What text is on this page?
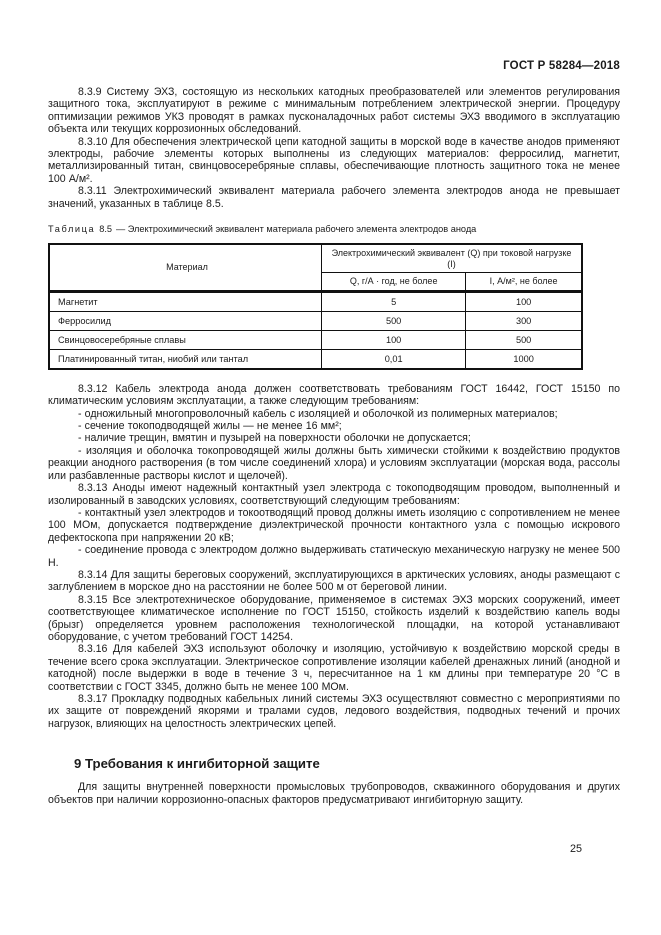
ГОСТ Р 58284—2018

8.3.9 Систему ЭХЗ, состоящую из нескольких катодных преобразователей или элементов регулирования защитного тока, эксплуатируют в режиме с минимальным потреблением электрической энергии. Процедуру оптимизации режимов УКЗ проводят в рамках пусконаладочных работ системы ЭХЗ вводимого в эксплуатацию объекта или текущих коррозионных обследований.

8.3.10 Для обеспечения электрической цепи катодной защиты в морской воде в качестве анодов применяют электроды, рабочие элементы которых выполнены из следующих материалов: ферросилид, магнетит, металлизированный титан, свинцовосеребряные сплавы, обеспечивающие плотность защитного тока не менее 100 А/м².

8.3.11 Электрохимический эквивалент материала рабочего элемента электродов анода не превышает значений, указанных в таблице 8.5.

Таблица 8.5 — Электрохимический эквивалент материала рабочего элемента электродов анода
Материал	Электрохимический эквивалент (Q) при токовой нагрузке (I)	
	Q, г/А · год, не более	I, А/м², не более
Магнетит	5	100
Ферросилид	500	300
Свинцовосеребряные сплавы	100	500
Платинированный титан, ниобий или тантал	0,01	1000

8.3.12 Кабель электрода анода должен соответствовать требованиям ГОСТ 16442, ГОСТ 15150 по климатическим условиям эксплуатации, а также следующим требованиям:

- одножильный многопроволочный кабель с изоляцией и оболочкой из полимерных материалов;

- сечение токоподводящей жилы — не менее 16 мм²;

- наличие трещин, вмятин и пузырей на поверхности оболочки не допускается;

- изоляция и оболочка токопроводящей жилы должны быть химически стойкими к воздействию продуктов реакции анодного растворения (в том числе соединений хлора) и условиям эксплуатации (морская вода, рассолы или разбавленные растворы кислот и щелочей).

8.3.13 Аноды имеют надежный контактный узел электрода с токоподводящим проводом, выполненный и изолированный в заводских условиях, соответствующий следующим требованиям:

- контактный узел электродов и токоотводящий провод должны иметь изоляцию с сопротивлением не менее 100 МОм, допускается подтверждение диэлектрической прочности контактного узла с помощью искрового дефектоскопа при напряжении 20 кВ;

- соединение провода с электродом должно выдерживать статическую механическую нагрузку не менее 500 Н.

8.3.14 Для защиты береговых сооружений, эксплуатирующихся в арктических условиях, аноды размещают с заглублением в морское дно на расстоянии не более 500 м от береговой линии.

8.3.15 Все электротехническое оборудование, применяемое в системах ЭХЗ морских сооружений, имеет соответствующее климатическое исполнение по ГОСТ 15150, стойкость изделий к воздействию капель воды (брызг) определяется уровнем расположения технологической площадки, на которой устанавливают оборудование, с учетом требований ГОСТ 14254.

8.3.16 Для кабелей ЭХЗ используют оболочку и изоляцию, устойчивую к воздействию морской среды в течение всего срока эксплуатации. Электрическое сопротивление изоляции кабелей дренажных линий (анодной и катодной) после выдержки в воде в течение 3 ч, пересчитанное на 1 км длины при температуре 20 °С в соответствии с ГОСТ 3345, должно быть не менее 100 МОм.

8.3.17 Прокладку подводных кабельных линий системы ЭХЗ осуществляют совместно с мероприятиями по их защите от повреждений якорями и тралами судов, ледового воздействия, подводных течений и прочих нагрузок, влияющих на целостность электрических цепей.

9 Требования к ингибиторной защите

Для защиты внутренней поверхности промысловых трубопроводов, скважинного оборудования и других объектов при наличии коррозионно-опасных факторов предусматривают ингибиторную защиту.

25
